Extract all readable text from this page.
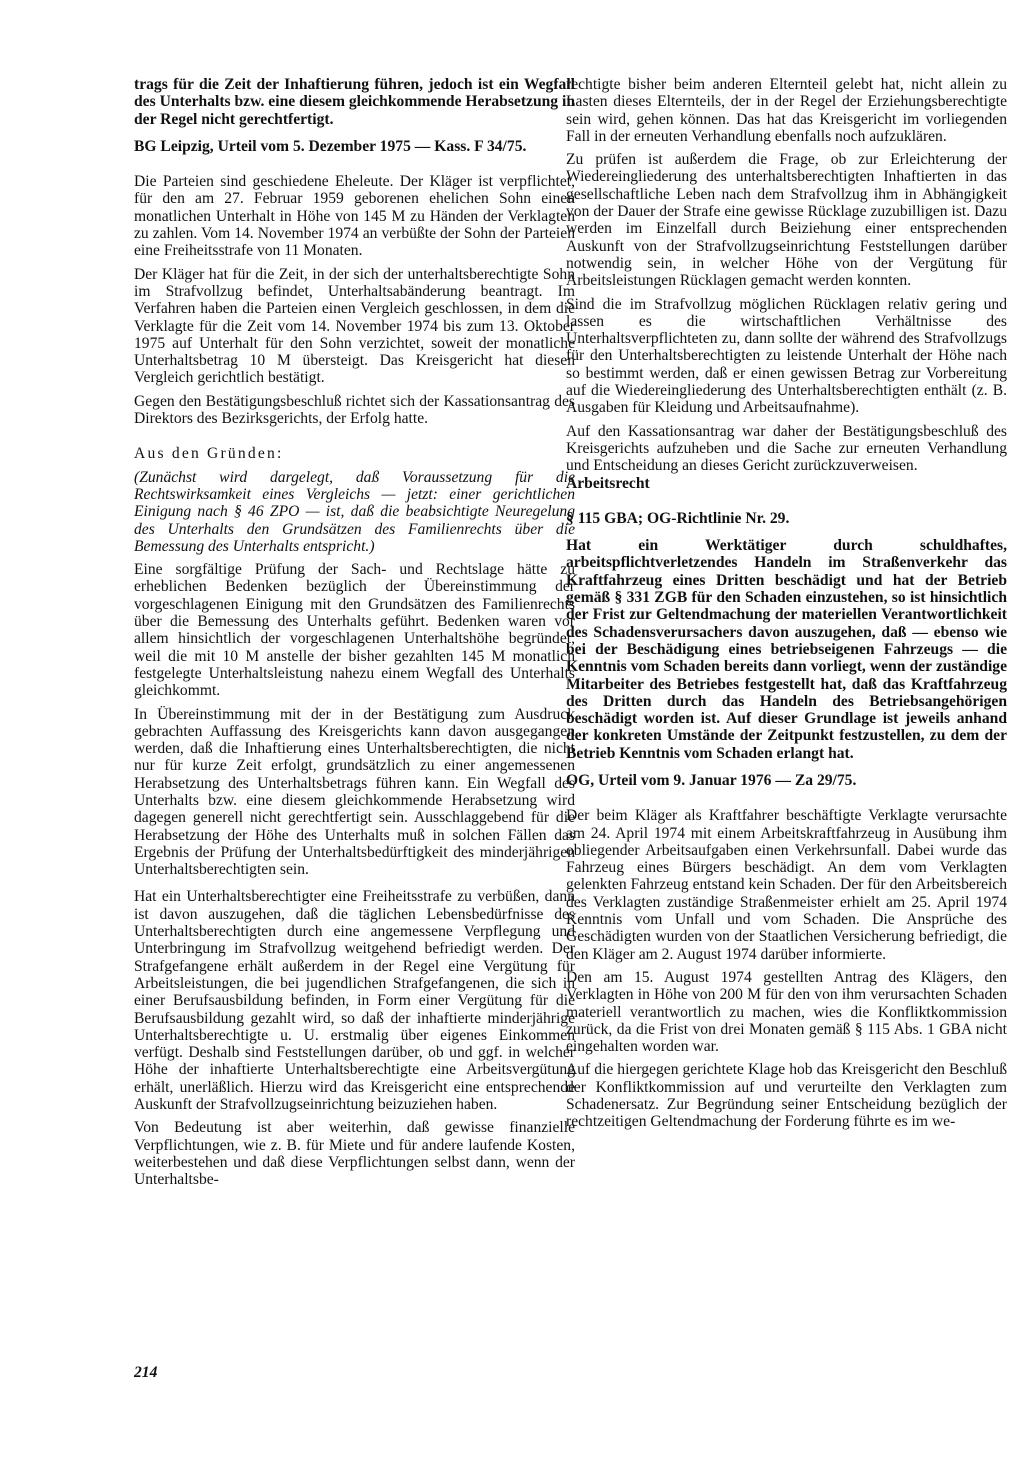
trags für die Zeit der Inhaftierung führen, jedoch ist ein Wegfall des Unterhalts bzw. eine diesem gleichkommende Herabsetzung in der Regel nicht gerechtfertigt.

BG Leipzig, Urteil vom 5. Dezember 1975 — Kass. F 34/75.

Die Parteien sind geschiedene Eheleute. Der Kläger ist verpflichtet, für den am 27. Februar 1959 geborenen ehelichen Sohn einen monatlichen Unterhalt in Höhe von 145 M zu Händen der Verklagten zu zahlen. Vom 14. November 1974 an verbüßte der Sohn der Parteien eine Freiheitsstrafe von 11 Monaten.

Der Kläger hat für die Zeit, in der sich der unterhaltsberechtigte Sohn im Strafvollzug befindet, Unterhaltsabänderung beantragt. Im Verfahren haben die Parteien einen Vergleich geschlossen, in dem die Verklagte für die Zeit vom 14. November 1974 bis zum 13. Oktober 1975 auf Unterhalt für den Sohn verzichtet, soweit der monatliche Unterhaltsbetrag 10 M übersteigt. Das Kreisgericht hat diesen Vergleich gerichtlich bestätigt.

Gegen den Bestätigungsbeschluß richtet sich der Kassationsantrag des Direktors des Bezirksgerichts, der Erfolg hatte.

Aus den Gründen:

(Zunächst wird dargelegt, daß Voraussetzung für die Rechtswirksamkeit eines Vergleichs — jetzt: einer gerichtlichen Einigung nach § 46 ZPO — ist, daß die beabsichtigte Neuregelung des Unterhalts den Grundsätzen des Familienrechts über die Bemessung des Unterhalts entspricht.)

Eine sorgfältige Prüfung der Sach- und Rechtslage hätte zu erheblichen Bedenken bezüglich der Übereinstimmung der vorgeschlagenen Einigung mit den Grundsätzen des Familienrechts über die Bemessung des Unterhalts geführt. Bedenken waren vor allem hinsichtlich der vorgeschlagenen Unterhaltshöhe begründet, weil die mit 10 M anstelle der bisher gezahlten 145 M monatlich festgelegte Unterhaltsleistung nahezu einem Wegfall des Unterhalts gleichkommt.

In Übereinstimmung mit der in der Bestätigung zum Ausdruck gebrachten Auffassung des Kreisgerichts kann davon ausgegangen werden, daß die Inhaftierung eines Unterhaltsberechtigten, die nicht nur für kurze Zeit erfolgt, grundsätzlich zu einer angemessenen Herabsetzung des Unterhaltsbetrags führen kann. Ein Wegfall des Unterhalts bzw. eine diesem gleichkommende Herabsetzung wird dagegen generell nicht gerechtfertigt sein. Ausschlaggebend für die Herabsetzung der Höhe des Unterhalts muß in solchen Fällen das Ergebnis der Prüfung der Unterhaltsbedürftigkeit des minderjährigen Unterhaltsberechtigten sein.

Hat ein Unterhaltsberechtigter eine Freiheitsstrafe zu verbüßen, dann ist davon auszugehen, daß die täglichen Lebensbedürfnisse des Unterhaltsberechtigten durch eine angemessene Verpflegung und Unterbringung im Strafvollzug weitgehend befriedigt werden. Der Strafgefangene erhält außerdem in der Regel eine Vergütung für Arbeitsleistungen, die bei jugendlichen Strafgefangenen, die sich in einer Berufsausbildung befinden, in Form einer Vergütung für die Berufsausbildung gezahlt wird, so daß der inhaftierte minderjährige Unterhaltsberechtigte u. U. erstmalig über eigenes Einkommen verfügt. Deshalb sind Feststellungen darüber, ob und ggf. in welcher Höhe der inhaftierte Unterhaltsberechtigte eine Arbeitsvergütung erhält, unerläßlich. Hierzu wird das Kreisgericht eine entsprechende Auskunft der Strafvollzugseinrichtung beizuziehen haben.

Von Bedeutung ist aber weiterhin, daß gewisse finanzielle Verpflichtungen, wie z. B. für Miete und für andere laufende Kosten, weiterbestehen und daß diese Verpflichtungen selbst dann, wenn der Unterhaltsbe-

rechtigte bisher beim anderen Elternteil gelebt hat, nicht allein zu Lasten dieses Elternteils, der in der Regel der Erziehungsberechtigte sein wird, gehen können. Das hat das Kreisgericht im vorliegenden Fall in der erneuten Verhandlung ebenfalls noch aufzuklären.

Zu prüfen ist außerdem die Frage, ob zur Erleichterung der Wiedereingliederung des unterhaltsberechtigten Inhaftierten in das gesellschaftliche Leben nach dem Strafvollzug ihm in Abhängigkeit von der Dauer der Strafe eine gewisse Rücklage zuzubilligen ist. Dazu werden im Einzelfall durch Beiziehung einer entsprechenden Auskunft von der Strafvollzugseinrichtung Feststellungen darüber notwendig sein, in welcher Höhe von der Vergütung für Arbeitsleistungen Rücklagen gemacht werden konnten.

Sind die im Strafvollzug möglichen Rücklagen relativ gering und lassen es die wirtschaftlichen Verhältnisse des Unterhaltsverpflichteten zu, dann sollte der während des Strafvollzugs für den Unterhaltsberechtigten zu leistende Unterhalt der Höhe nach so bestimmt werden, daß er einen gewissen Betrag zur Vorbereitung auf die Wiedereingliederung des Unterhaltsberechtigten enthält (z. B. Ausgaben für Kleidung und Arbeitsaufnahme).

Auf den Kassationsantrag war daher der Bestätigungsbeschluß des Kreisgerichts aufzuheben und die Sache zur erneuten Verhandlung und Entscheidung an dieses Gericht zurückzuverweisen.

Arbeitsrecht

§ 115 GBA; OG-Richtlinie Nr. 29.

Hat ein Werktätiger durch schuldhaftes, arbeitspflichtverletzendes Handeln im Straßenverkehr das Kraftfahrzeug eines Dritten beschädigt und hat der Betrieb gemäß § 331 ZGB für den Schaden einzustehen, so ist hinsichtlich der Frist zur Geltendmachung der materiellen Verantwortlichkeit des Schadensverursachers davon auszugehen, daß — ebenso wie bei der Beschädigung eines betriebseigenen Fahrzeugs — die Kenntnis vom Schaden bereits dann vorliegt, wenn der zuständige Mitarbeiter des Betriebes festgestellt hat, daß das Kraftfahrzeug des Dritten durch das Handeln des Betriebsangehörigen beschädigt worden ist. Auf dieser Grundlage ist jeweils anhand der konkreten Umstände der Zeitpunkt festzustellen, zu dem der Betrieb Kenntnis vom Schaden erlangt hat.

OG, Urteil vom 9. Januar 1976 — Za 29/75.

Der beim Kläger als Kraftfahrer beschäftigte Verklagte verursachte am 24. April 1974 mit einem Arbeitskraftfahrzeug in Ausübung ihm obliegender Arbeitsaufgaben einen Verkehrsunfall. Dabei wurde das Fahrzeug eines Bürgers beschädigt. An dem vom Verklagten gelenkten Fahrzeug entstand kein Schaden. Der für den Arbeitsbereich des Verklagten zuständige Straßenmeister erhielt am 25. April 1974 Kenntnis vom Unfall und vom Schaden. Die Ansprüche des Geschädigten wurden von der Staatlichen Versicherung befriedigt, die den Kläger am 2. August 1974 darüber informierte.

Den am 15. August 1974 gestellten Antrag des Klägers, den Verklagten in Höhe von 200 M für den von ihm verursachten Schaden materiell verantwortlich zu machen, wies die Konfliktkommission zurück, da die Frist von drei Monaten gemäß § 115 Abs. 1 GBA nicht eingehalten worden war.

Auf die hiergegen gerichtete Klage hob das Kreisgericht den Beschluß der Konfliktkommission auf und verurteilte den Verklagten zum Schadenersatz. Zur Begründung seiner Entscheidung bezüglich der rechtzeitigen Geltendmachung der Forderung führte es im we-

214
